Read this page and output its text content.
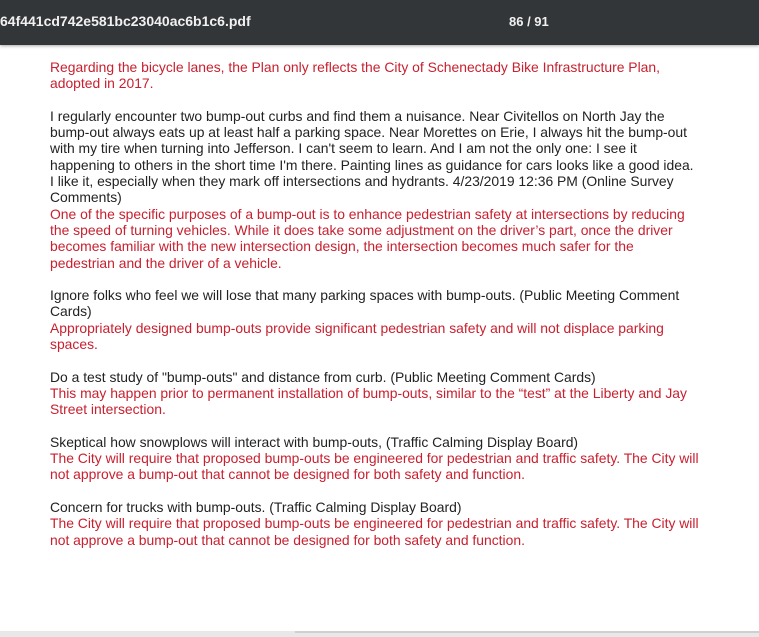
64f441cd742e581bc23040ac6b1c6.pdf	86 / 91

Regarding the bicycle lanes, the Plan only reflects the City of Schenectady Bike Infrastructure Plan, adopted in 2017.

I regularly encounter two bump-out curbs and find them a nuisance. Near Civitellos on North Jay the bump-out always eats up at least half a parking space. Near Morettes on Erie, I always hit the bump-out with my tire when turning into Jefferson. I can't seem to learn. And I am not the only one: I see it happening to others in the short time I'm there. Painting lines as guidance for cars looks like a good idea. I like it, especially when they mark off intersections and hydrants. 4/23/2019 12:36 PM (Online Survey Comments)

One of the specific purposes of a bump-out is to enhance pedestrian safety at intersections by reducing the speed of turning vehicles. While it does take some adjustment on the driver’s part, once the driver becomes familiar with the new intersection design, the intersection becomes much safer for the pedestrian and the driver of a vehicle.

Ignore folks who feel we will lose that many parking spaces with bump-outs. (Public Meeting Comment Cards)

Appropriately designed bump-outs provide significant pedestrian safety and will not displace parking spaces.

Do a test study of "bump-outs" and distance from curb. (Public Meeting Comment Cards)

This may happen prior to permanent installation of bump-outs, similar to the “test” at the Liberty and Jay Street intersection.

Skeptical how snowplows will interact with bump-outs, (Traffic Calming Display Board)

The City will require that proposed bump-outs be engineered for pedestrian and traffic safety. The City will not approve a bump-out that cannot be designed for both safety and function.

Concern for trucks with bump-outs. (Traffic Calming Display Board)

The City will require that proposed bump-outs be engineered for pedestrian and traffic safety. The City will not approve a bump-out that cannot be designed for both safety and function.
